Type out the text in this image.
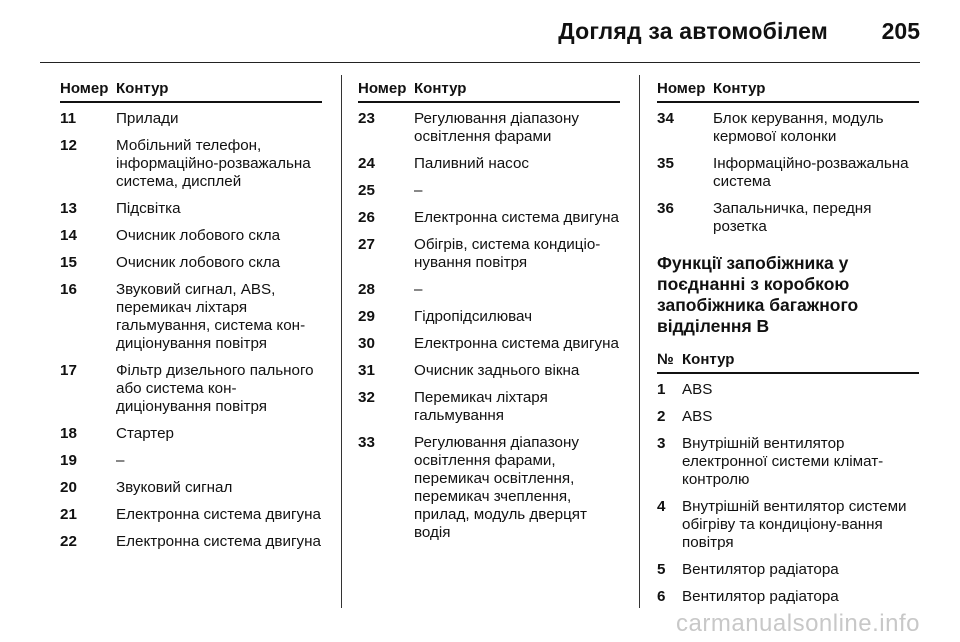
Догляд за автомобілем 205
Номер Контур
11	Прилади
12	Мобільний телефон, інформаційно-розважальна система, дисплей
13	Підсвітка
14	Очисник лобового скла
15	Очисник лобового скла
16	Звуковий сигнал, ABS, перемикач ліхтаря гальмування, система кон-диціонування повітря
17	Фільтр дизельного пального або система кон-диціонування повітря
18	Стартер
19	–
20	Звуковий сигнал
21	Електронна система двигуна
22	Електронна система двигуна
Номер Контур
23	Регулювання діапазону освітлення фарами
24	Паливний насос
25	–
26	Електронна система двигуна
27	Обігрів, система кондиціо-нування повітря
28	–
29	Гідропідсилювач
30	Електронна система двигуна
31	Очисник заднього вікна
32	Перемикач ліхтаря гальмування
33	Регулювання діапазону освітлення фарами, перемикач освітлення, перемикач зчеплення, прилад, модуль дверцят водія
Номер Контур
34	Блок керування, модуль кермової колонки
35	Інформаційно-розважальна система
36	Запальничка, передня розетка
Функції запобіжника у поєднанні з коробкою запобіжника багажного відділення B
№ Контур
1	ABS
2	ABS
3	Внутрішній вентилятор електронної системи клімат-контролю
4	Внутрішній вентилятор системи обігріву та кондиціону-вання повітря
5	Вентилятор радіатора
6	Вентилятор радіатора
carmanualsonline.info
